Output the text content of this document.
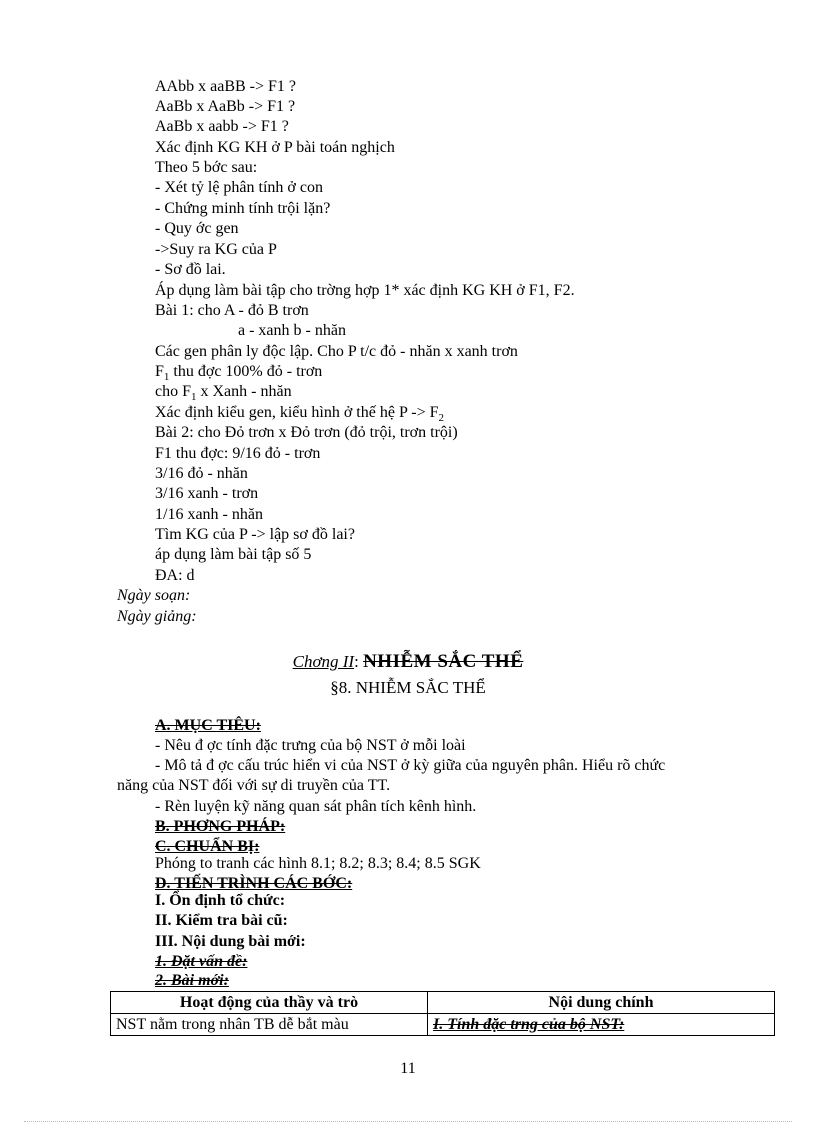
AAbb x aaBB -> F1 ?
AaBb x AaBb -> F1 ?
AaBb x aabb -> F1 ?
Xác định KG KH ở P bài toán nghịch
Theo 5 bớc sau:
- Xét tỷ lệ phân tính ở con
- Chứng minh tính trội lặn?
- Quy ớc gen
->Suy ra KG của P
- Sơ đồ lai.
Áp dụng làm bài tập cho trờng hợp 1* xác định KG KH ở F1, F2.
Bài 1: cho A - đỏ B trơn
a - xanh b - nhăn
Các gen phân ly độc lập. Cho P t/c đỏ - nhăn x xanh trơn
$F_1$ thu đợc 100% đỏ - trơn
cho $F_1$ x Xanh - nhăn
Xác định kiểu gen, kiểu hình ở thế hệ $P -> F_2$
Bài 2: cho Đỏ trơn x Đỏ trơn (đỏ trội, trơn trội)
F1 thu đợc: 9/16 đỏ - trơn
3/16 đỏ - nhăn
3/16 xanh - trơn
1/16 xanh - nhăn
Tìm KG của P -> lập sơ đồ lai?
áp dụng làm bài tập số 5
ĐA: d
Ngày soạn:
Ngày giảng:
Chơng II: NHIỄM SẮC THỂ
§8. NHIỄM SẮC THỂ
A. MỤC TIÊU:
- Nêu đ ợc tính đặc trưng của bộ NST ở mỗi loài
- Mô tả đ ợc cấu trúc hiển vi của NST ở kỳ giữa của nguyên phân. Hiểu rõ chức
năng của NST đối với sự di truyền của TT.
- Rèn luyện kỹ năng quan sát phân tích kênh hình.
B. PHƠNG PHÁP:
C. CHUẨN BỊ:
Phóng to tranh các hình 8.1; 8.2; 8.3; 8.4; 8.5 SGK
D. TIẾN TRÌNH CÁC BỚC:
I. Ổn định tổ chức:
II. Kiểm tra bài cũ:
III. Nội dung bài mới:
1. Đặt vấn đề:
2. Bài mới:
Hoạt động của thầy và trò	Nội dung chính
NST nằm trong nhân TB dễ bắt màu	I. Tính đặc trng của bộ NST:
11
